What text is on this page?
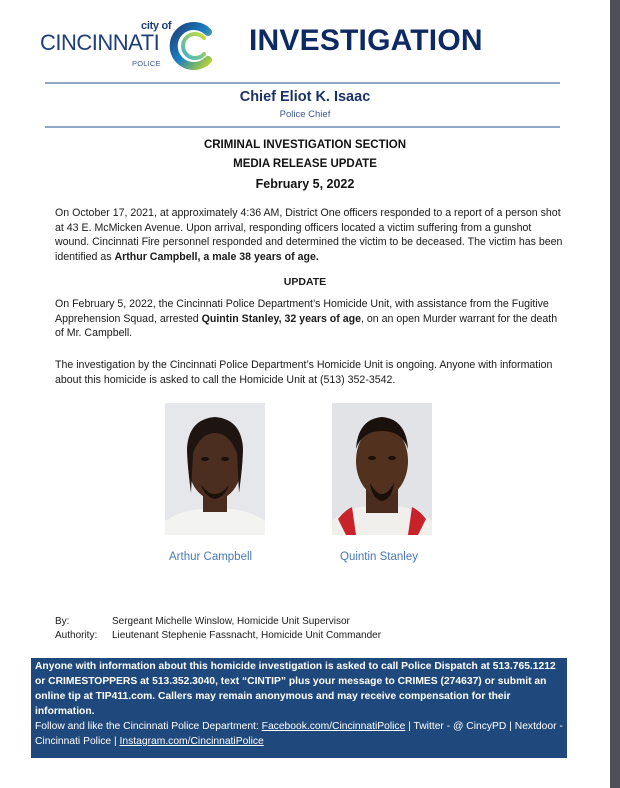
city of
CINCINNATI
POLICE
INVESTIGATION
Chief Eliot K. Isaac
Police Chief
CRIMINAL INVESTIGATION SECTION
MEDIA RELEASE UPDATE
February 5, 2022
On October 17, 2021, at approximately 4:36 AM, District One officers responded to a report of a person shot at 43 E. McMicken Avenue. Upon arrival, responding officers located a victim suffering from a gunshot wound. Cincinnati Fire personnel responded and determined the victim to be deceased. The victim has been identified as Arthur Campbell, a male 38 years of age.
UPDATE
On February 5, 2022, the Cincinnati Police Department’s Homicide Unit, with assistance from the Fugitive Apprehension Squad, arrested Quintin Stanley, 32 years of age, on an open Murder warrant for the death of Mr. Campbell.
The investigation by the Cincinnati Police Department’s Homicide Unit is ongoing. Anyone with information about this homicide is asked to call the Homicide Unit at (513) 352-3542.
Arthur Campbell	Quintin Stanley
By:	Sergeant Michelle Winslow, Homicide Unit Supervisor
Authority:	Lieutenant Stephenie Fassnacht, Homicide Unit Commander
Anyone with information about this homicide investigation is asked to call Police Dispatch at 513.765.1212 or CRIMESTOPPERS at 513.352.3040, text “CINTIP” plus your message to CRIMES (274637) or submit an online tip at TIP411.com. Callers may remain anonymous and may receive compensation for their information.
Follow and like the Cincinnati Police Department: Facebook.com/CincinnatiPolice | Twitter - @ CincyPD | Nextdoor - Cincinnati Police | Instagram.com/CincinnatiPolice
